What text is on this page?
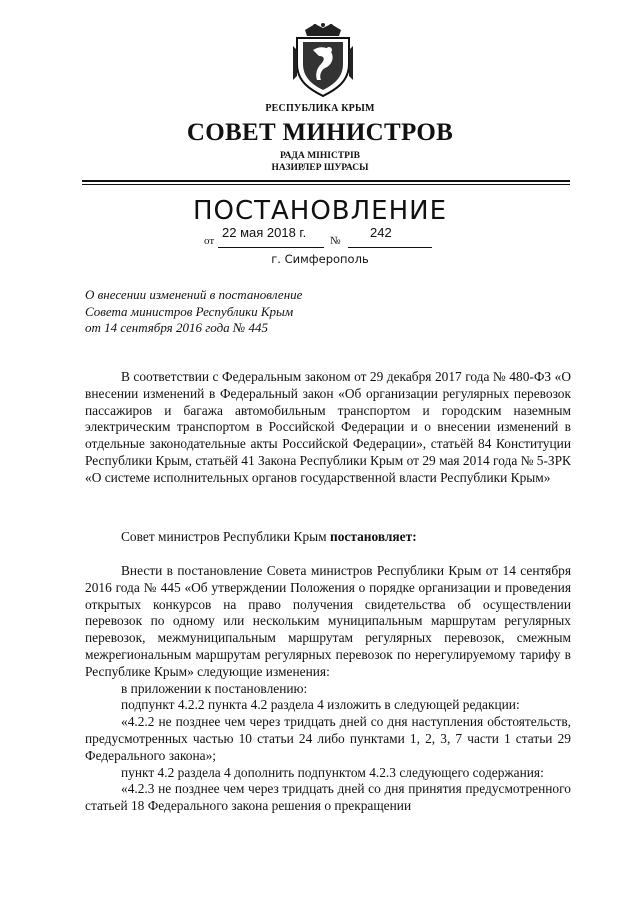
РЕСПУБЛИКА КРЫМ
СОВЕТ МИНИСТРОВ
РАДА МІНІСТРІВ
НАЗИРЛЕР ШУРАСЫ
ПОСТАНОВЛЕНИЕ
22 мая 2018 г.	242
от	№
г. Симферополь
О внесении изменений в постановление
Совета министров Республики Крым
от 14 сентября 2016 года № 445

В соответствии с Федеральным законом от 29 декабря 2017 года № 480-ФЗ «О внесении изменений в Федеральный закон «Об организации регулярных перевозок пассажиров и багажа автомобильным транспортом и городским наземным электрическим транспортом в Российской Федерации и о внесении изменений в отдельные законодательные акты Российской Федерации», статьёй 84 Конституции Республики Крым, статьёй 41 Закона Республики Крым от 29 мая 2014 года № 5-ЗРК «О системе исполнительных органов государственной власти Республики Крым»

Совет министров Республики Крым постановляет:

Внести в постановление Совета министров Республики Крым от 14 сентября 2016 года № 445 «Об утверждении Положения о порядке организации и проведения открытых конкурсов на право получения свидетельства об осуществлении перевозок по одному или нескольким муниципальным маршрутам регулярных перевозок, межмуниципальным маршрутам регулярных перевозок, смежным межрегиональным маршрутам регулярных перевозок по нерегулируемому тарифу в Республике Крым» следующие изменения:

в приложении к постановлению:

подпункт 4.2.2 пункта 4.2 раздела 4 изложить в следующей редакции:

«4.2.2 не позднее чем через тридцать дней со дня наступления обстоятельств, предусмотренных частью 10 статьи 24 либо пунктами 1, 2, 3, 7 части 1 статьи 29 Федерального закона»;

пункт 4.2 раздела 4 дополнить подпунктом 4.2.3 следующего содержания:

«4.2.3 не позднее чем через тридцать дней со дня принятия предусмотренного статьей 18 Федерального закона решения о прекращении
